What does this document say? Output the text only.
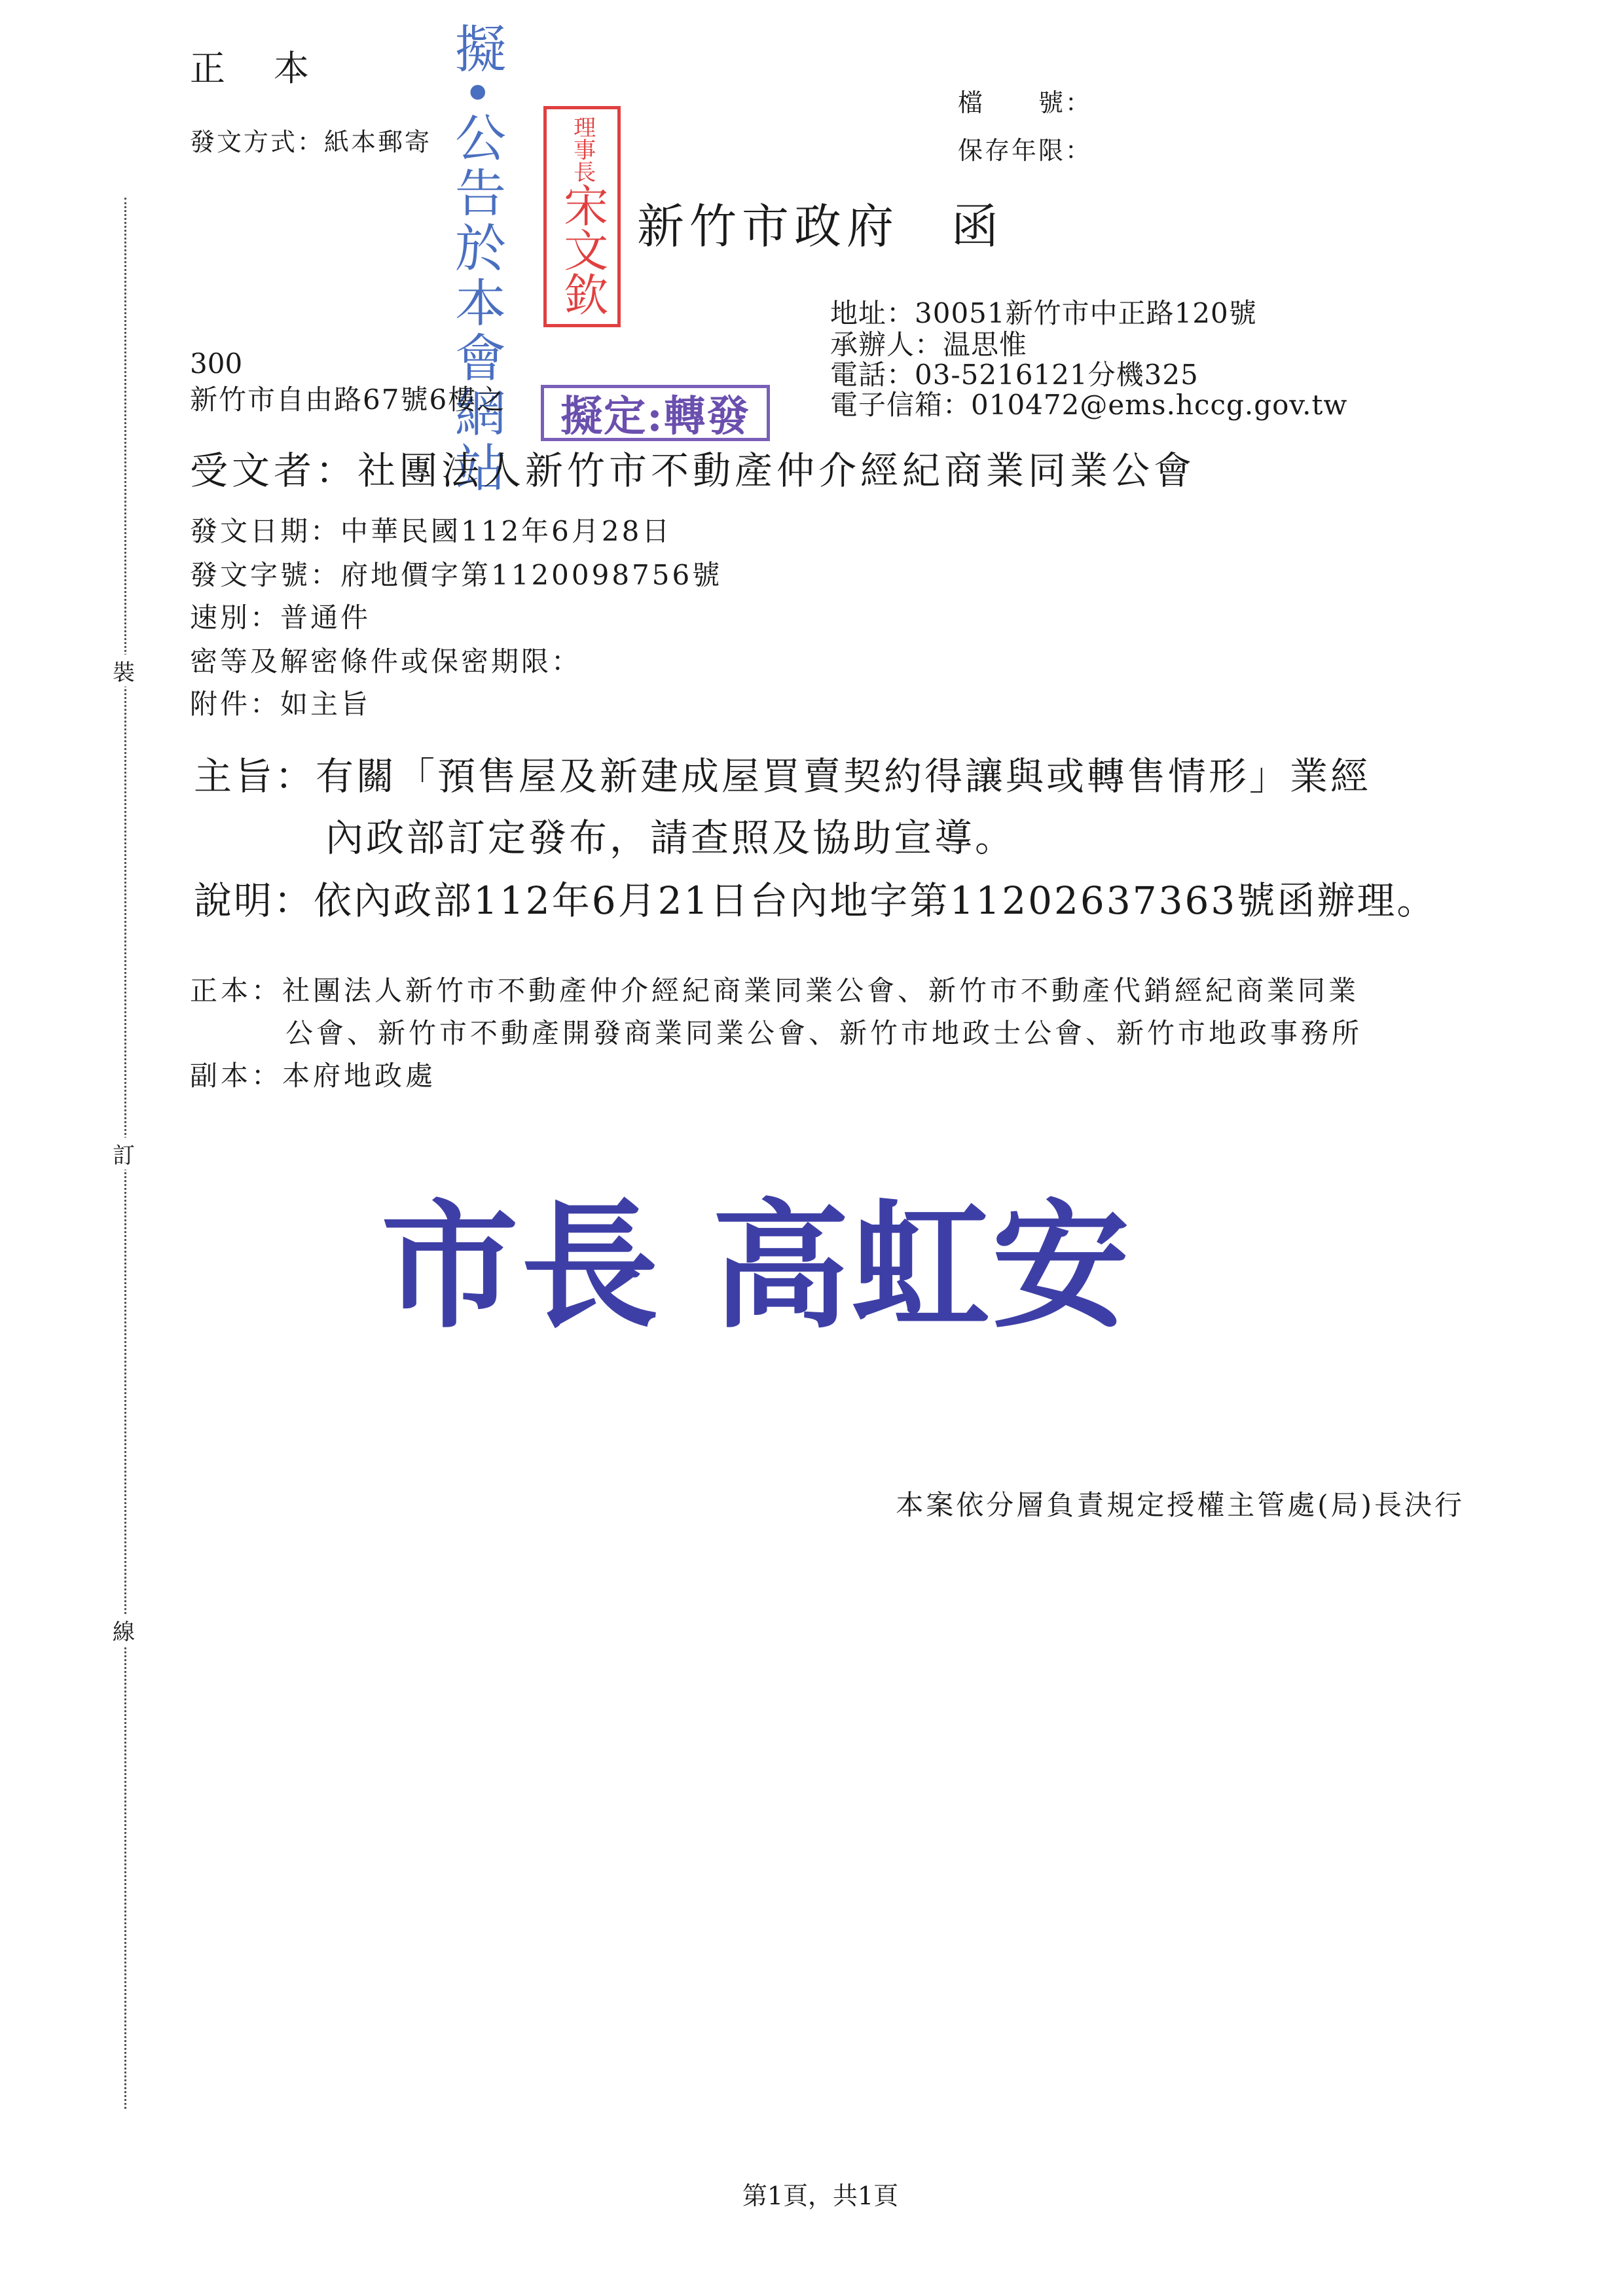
裝
訂
線
正　本
發文方式：紙本郵寄
檔　　號：
保存年限：
擬•公告於本會網站	理事長
宋文欽 新竹市政府　函
地址：30051新竹市中正路120號
承辦人：温思惟
電話：03-5216121分機325
電子信箱：010472@ems.hccg.gov.tw
300
新竹市自由路67號6樓之	擬定:轉發
受文者：社團法人新竹市不動產仲介經紀商業同業公會
發文日期：中華民國112年6月28日
發文字號：府地價字第1120098756號
速別：普通件
密等及解密條件或保密期限：
附件：如主旨
主旨：有關「預售屋及新建成屋買賣契約得讓與或轉售情形」業經
內政部訂定發布，請查照及協助宣導。
說明：依內政部112年6月21日台內地字第1120263736​3號函辦理。
正本：社團法人新竹市不動產仲介經紀商業同業公會、新竹市不動產代銷經紀商業同業
公會、新竹市不動產開發商業同業公會、新竹市地政士公會、新竹市地政事務所
副本：本府地政處
市長 高虹安
本案依分層負責規定授權主管處(局)長決行
第1頁，共1頁
